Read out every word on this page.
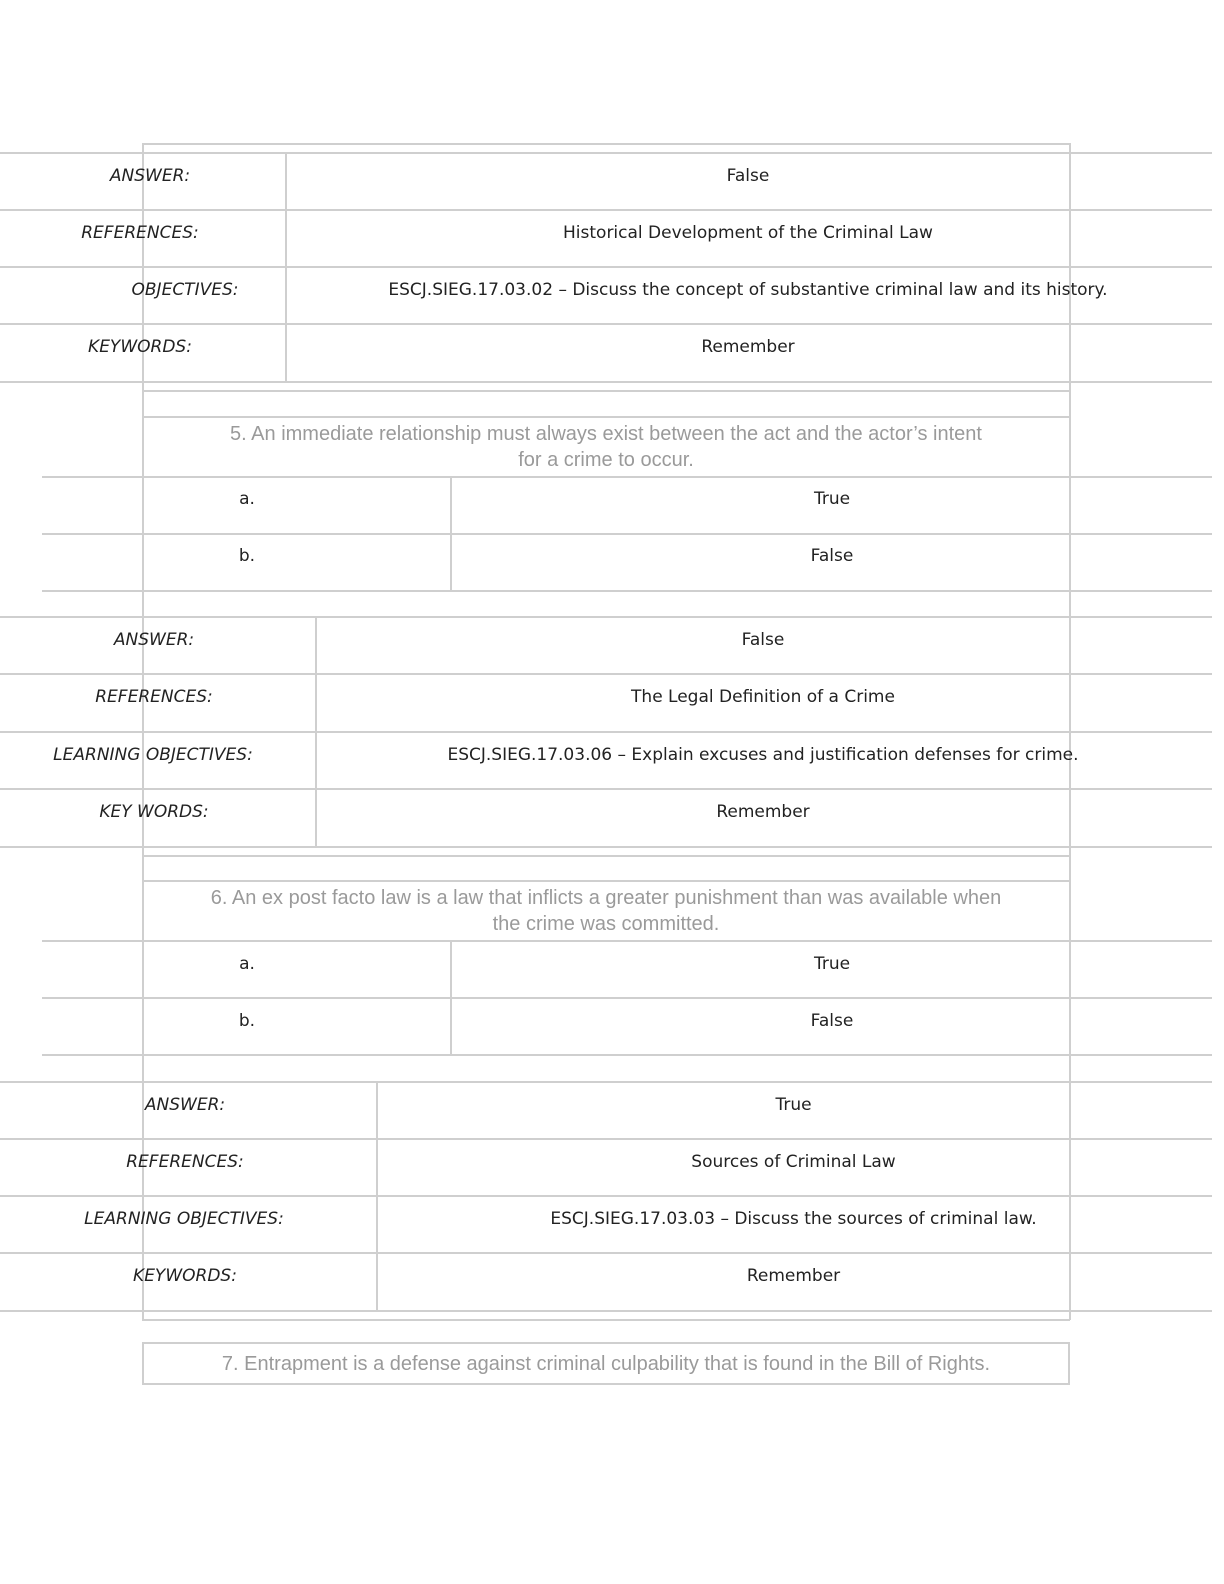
ANSWER:	False
REFERENCES:	Historical Development of the Criminal Law
OBJECTIVES:	ESCJ.SIEG.17.03.02 – Discuss the concept of substantive criminal law and its history.
KEYWORDS:	Remember
5. An immediate relationship must always exist between the act and the actor’s intent for a crime to occur.
a.	True
b.	False
ANSWER:	False
REFERENCES:	The Legal Definition of a Crime
LEARNING OBJECTIVES:	ESCJ.SIEG.17.03.06 – Explain excuses and justification defenses for crime.
KEY WORDS:	Remember
6. An ex post facto law is a law that inflicts a greater punishment than was available when the crime was committed.
a.	True
b.	False
ANSWER:	True
REFERENCES:	Sources of Criminal Law
LEARNING OBJECTIVES:	ESCJ.SIEG.17.03.03 – Discuss the sources of criminal law.
KEYWORDS:	Remember
7. Entrapment is a defense against criminal culpability that is found in the Bill of Rights.
